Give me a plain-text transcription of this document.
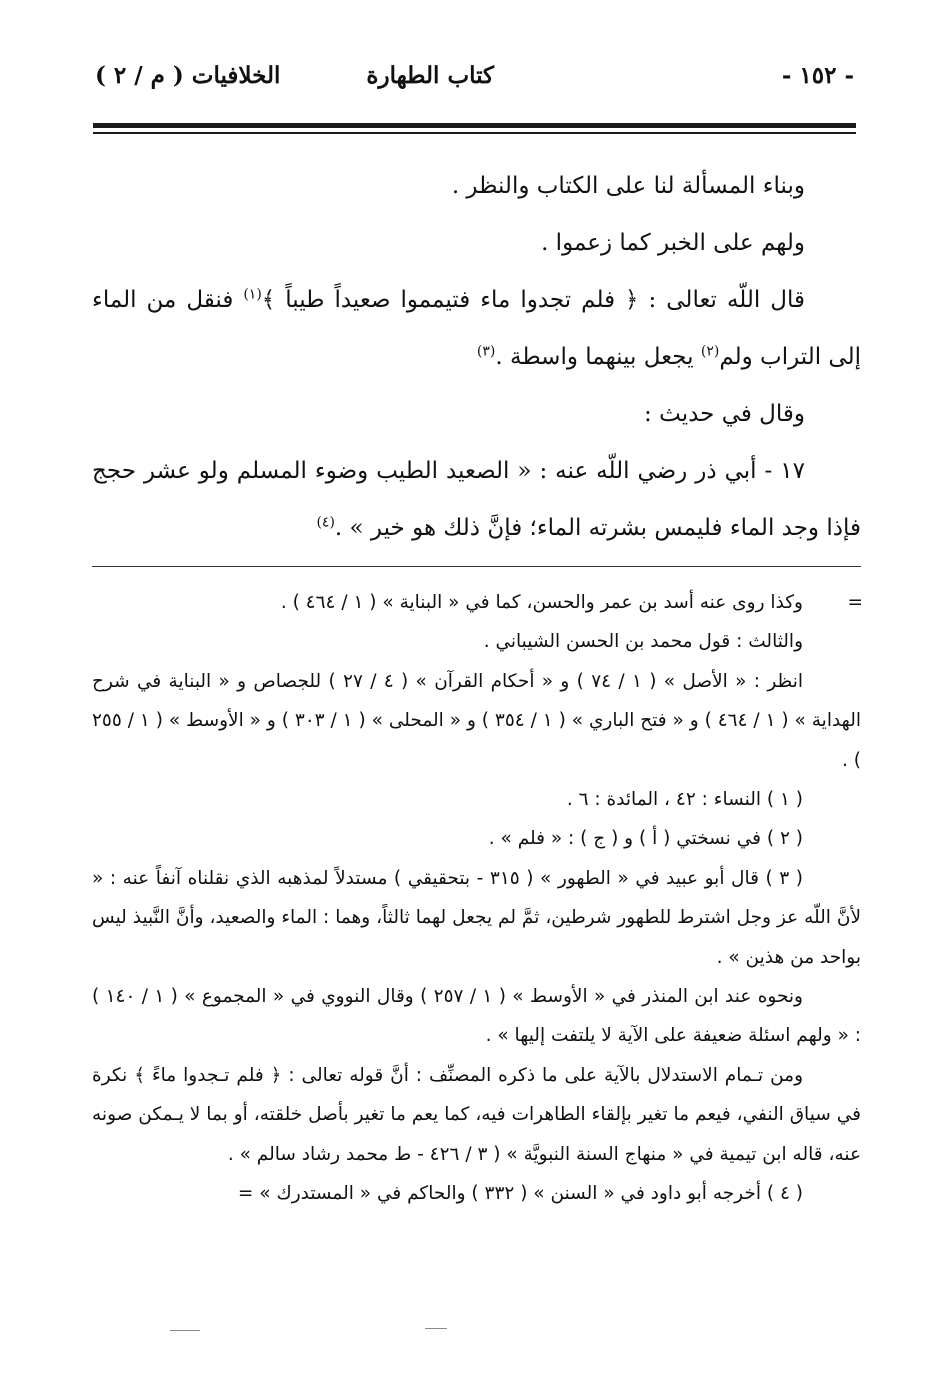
- ١٥٢ -
كتاب الطهارة
الخلافيات ( م / ٢ )

وبناء المسألة لنا على الكتاب والنظر .

ولهم على الخبر كما زعموا .

قال اللّه تعالى : ﴿ فلم تجدوا ماء فتيمموا صعيداً طيباً ﴾$^{(١)}$ فنقل من الماء إلى التراب ولم$^{(٢)}$ يجعل بينهما واسطة .$^{(٣)}$

وقال في حديث :

١٧ - أبي ذر رضي اللّه عنه : « الصعيد الطيب وضوء المسلم ولو عشر حجج فإذا وجد الماء فليمس بشرته الماء؛ فإنَّ ذلك هو خير » .$^{(٤)}$

=
وكذا روى عنه أسد بن عمر والحسن، كما في « البناية » ( ١ / ٤٦٤ ) .

والثالث : قول محمد بن الحسن الشيباني .

انظر : « الأصل » ( ١ / ٧٤ ) و « أحكام القرآن » ( ٤ / ٢٧ ) للجصاص و « البناية في شرح الهداية » ( ١ / ٤٦٤ ) و « فتح الباري » ( ١ / ٣٥٤ ) و « المحلى » ( ١ / ٣٠٣ ) و « الأوسط » ( ١ / ٢٥٥ ) .

( ١ ) النساء : ٤٢ ، المائدة : ٦ .

( ٢ ) في نسختي ( أ ) و ( ج ) : « فلم » .

( ٣ ) قال أبو عبيد في « الطهور » ( ٣١٥ - بتحقيقي ) مستدلاً لمذهبه الذي نقلناه آنفاً عنه : « لأنَّ اللّه عز وجل اشترط للطهور شرطين، ثمَّ لم يجعل لهما ثالثاً، وهما : الماء والصعيد، وأنَّ النَّبيذ ليس بواحد من هذين » .

ونحوه عند ابن المنذر في « الأوسط » ( ١ / ٢٥٧ ) وقال النووي في « المجموع » ( ١ / ١٤٠ ) : « ولهم اسئلة ضعيفة على الآية لا يلتفت إليها » .

ومن تـمام الاستدلال بالآية على ما ذكره المصنِّف : أنَّ قوله تعالى : ﴿ فلم تـجدوا ماءً ﴾ نكرة في سياق النفي، فيعم ما تغير بإلقاء الطاهرات فيه، كما يعم ما تغير بأصل خلقته، أو بما لا يـمكن صونه عنه، قاله ابن تيمية في « منهاج السنة النبويَّة » ( ٣ / ٤٢٦ - ط محمد رشاد سالم » .

( ٤ ) أخرجه أبو داود في « السنن » ( ٣٣٢ ) والحاكم في « المستدرك » =
